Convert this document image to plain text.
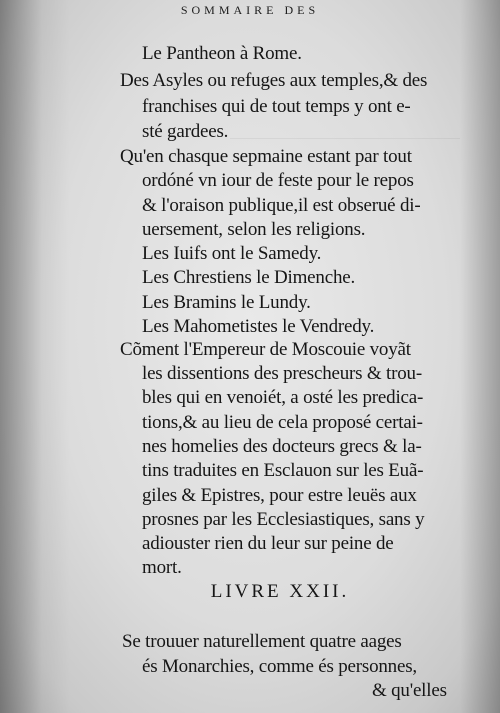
SOMMAIRE DES
Le Pantheon à Rome.
Des Asyles ou refuges aux temples,& des
franchises qui de tout temps y ont e-
sté gardees.
Qu'en chasque sepmaine estant par tout
ordóné vn iour de feste pour le repos
& l'oraison publique,il est obserué di-
uersement, selon les religions.
Les Iuifs ont le Samedy.
Les Chrestiens le Dimenche.
Les Bramins le Lundy.
Les Mahometistes le Vendredy.
Cõment l'Empereur de Moscouie voyãt
les dissentions des prescheurs & trou-
bles qui en venoiét, a osté les predica-
tions,& au lieu de cela proposé certai-
nes homelies des docteurs grecs & la-
tins traduites en Esclauon sur les Euã-
giles & Epistres, pour estre leuës aux
prosnes par les Ecclesiastiques, sans y
adiouster rien du leur sur peine de
mort.
LIVRE XXII.
Se trouuer naturellement quatre aages
és Monarchies, comme és personnes,
& qu'elles
